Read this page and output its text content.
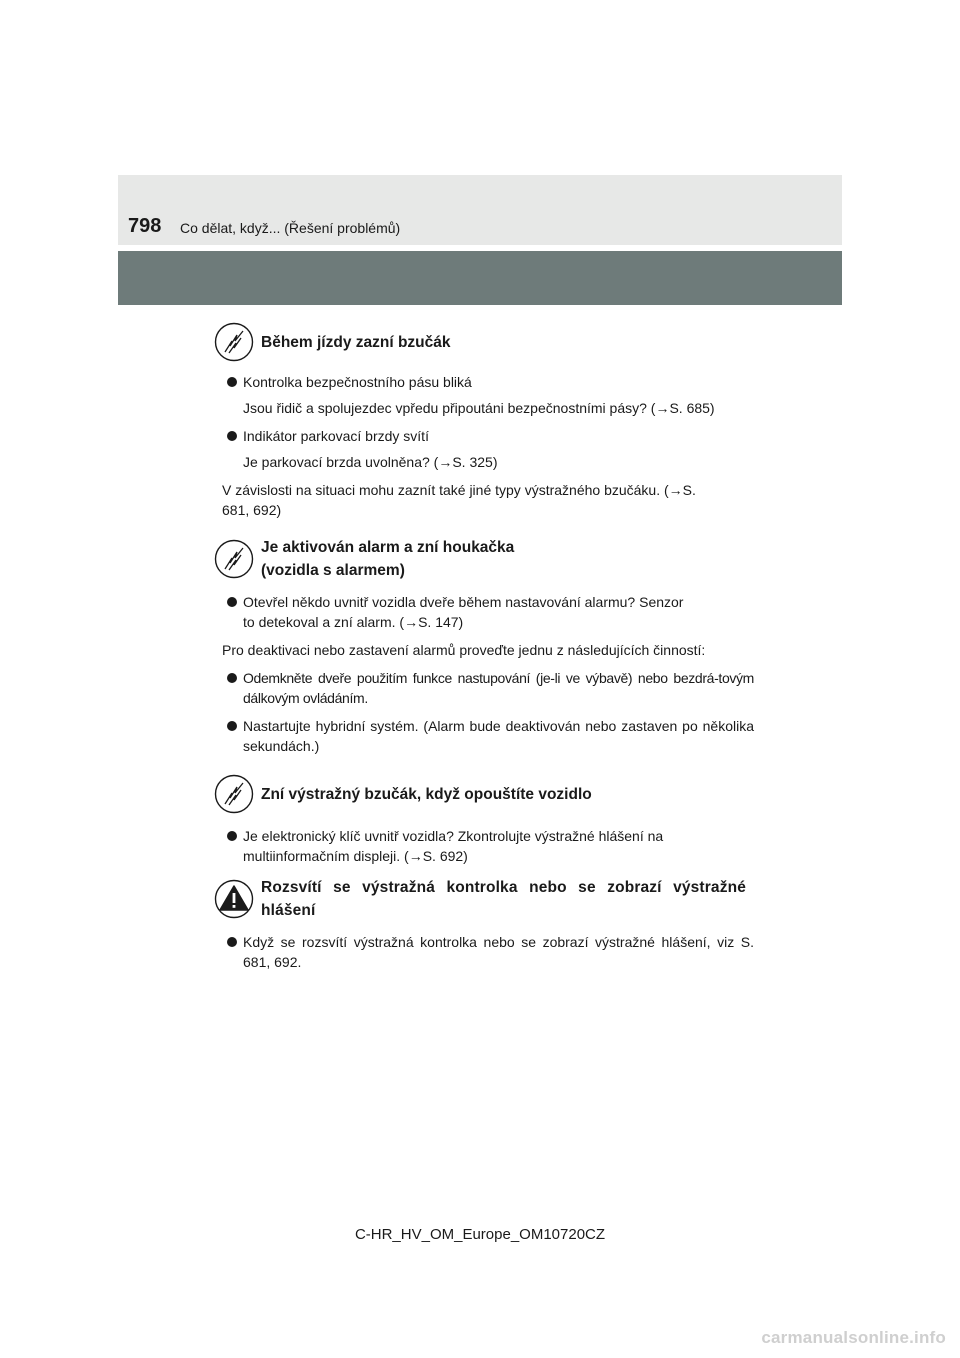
798 Co dělat, když... (Řešení problémů)
Během jízdy zazní bzučák

Kontrolka bezpečnostního pásu bliká

Jsou řidič a spolujezdec vpředu připoutáni bezpečnostními pásy? (→S. 685)

Indikátor parkovací brzdy svítí

Je parkovací brzda uvolněna? (→S. 325)

V závislosti na situaci mohu zaznít také jiné typy výstražného bzučáku. (→S. 681, 692)

Je aktivován alarm a zní houkačka (vozidla s alarmem)

Otevřel někdo uvnitř vozidla dveře během nastavování alarmu? Senzor to detekoval a zní alarm. (→S. 147)

Pro deaktivaci nebo zastavení alarmů proveďte jednu z následujících činností:

Odemkněte dveře použitím funkce nastupování (je-li ve výbavě) nebo bezdrá-tovým dálkovým ovládáním.

Nastartujte hybridní systém. (Alarm bude deaktivován nebo zastaven po několika sekundách.)

Zní výstražný bzučák, když opouštíte vozidlo

Je elektronický klíč uvnitř vozidla? Zkontrolujte výstražné hlášení na multiinformačním displeji. (→S. 692)

Rozsvítí se výstražná kontrolka nebo se zobrazí výstražné hlášení

Když se rozsvítí výstražná kontrolka nebo se zobrazí výstražné hlášení, viz S. 681, 692.

C-HR_HV_OM_Europe_OM10720CZ
carmanualsonline.info
